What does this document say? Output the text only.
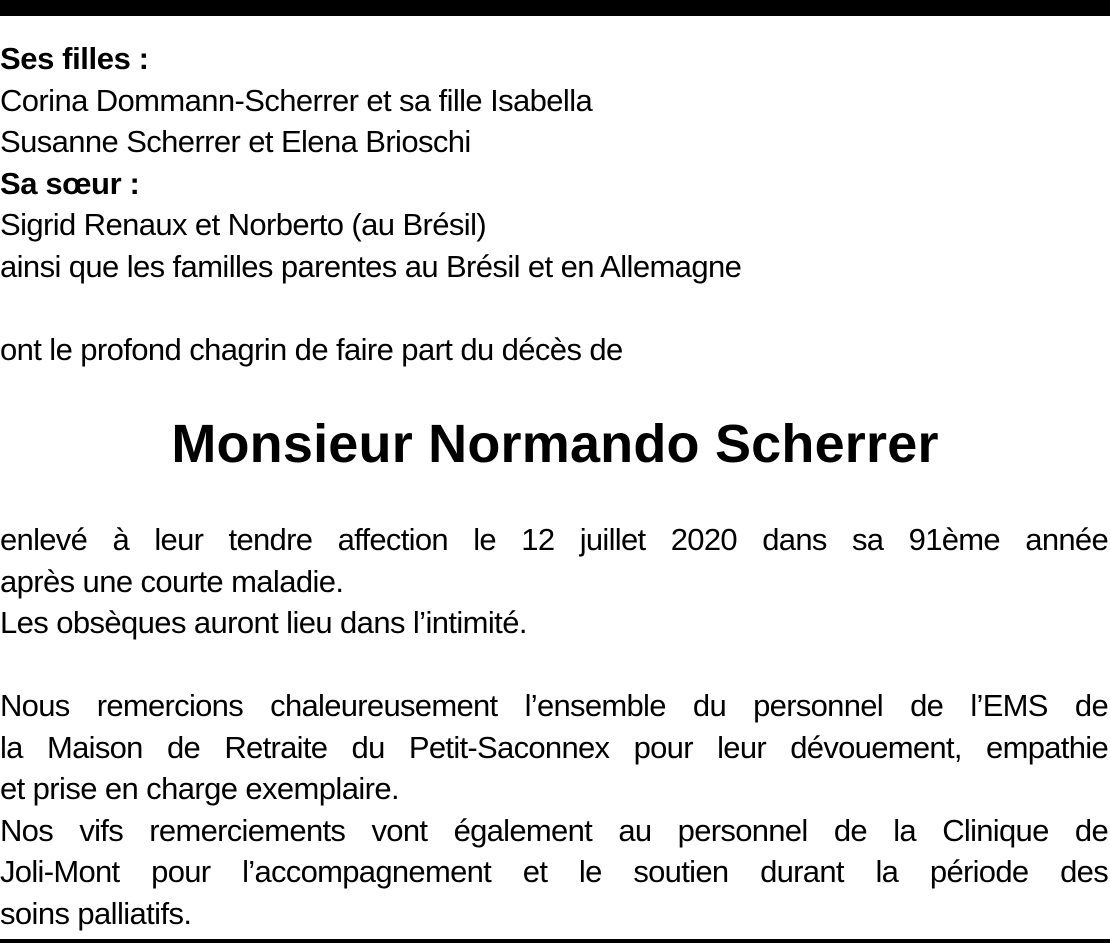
Ses filles :
Corina Dommann-Scherrer et sa fille Isabella
Susanne Scherrer et Elena Brioschi
Sa sœur :
Sigrid Renaux et Norberto (au Brésil)
ainsi que les familles parentes au Brésil et en Allemagne
ont le profond chagrin de faire part du décès de
Monsieur Normando Scherrer
enlevé à leur tendre affection le 12 juillet 2020 dans sa 91ème année
après une courte maladie.
Les obsèques auront lieu dans l’intimité.
Nous remercions chaleureusement l’ensemble du personnel de l’EMS de
la Maison de Retraite du Petit-Saconnex pour leur dévouement, empathie
et prise en charge exemplaire.
Nos vifs remerciements vont également au personnel de la Clinique de
Joli-Mont pour l’accompagnement et le soutien durant la période des
soins palliatifs.
